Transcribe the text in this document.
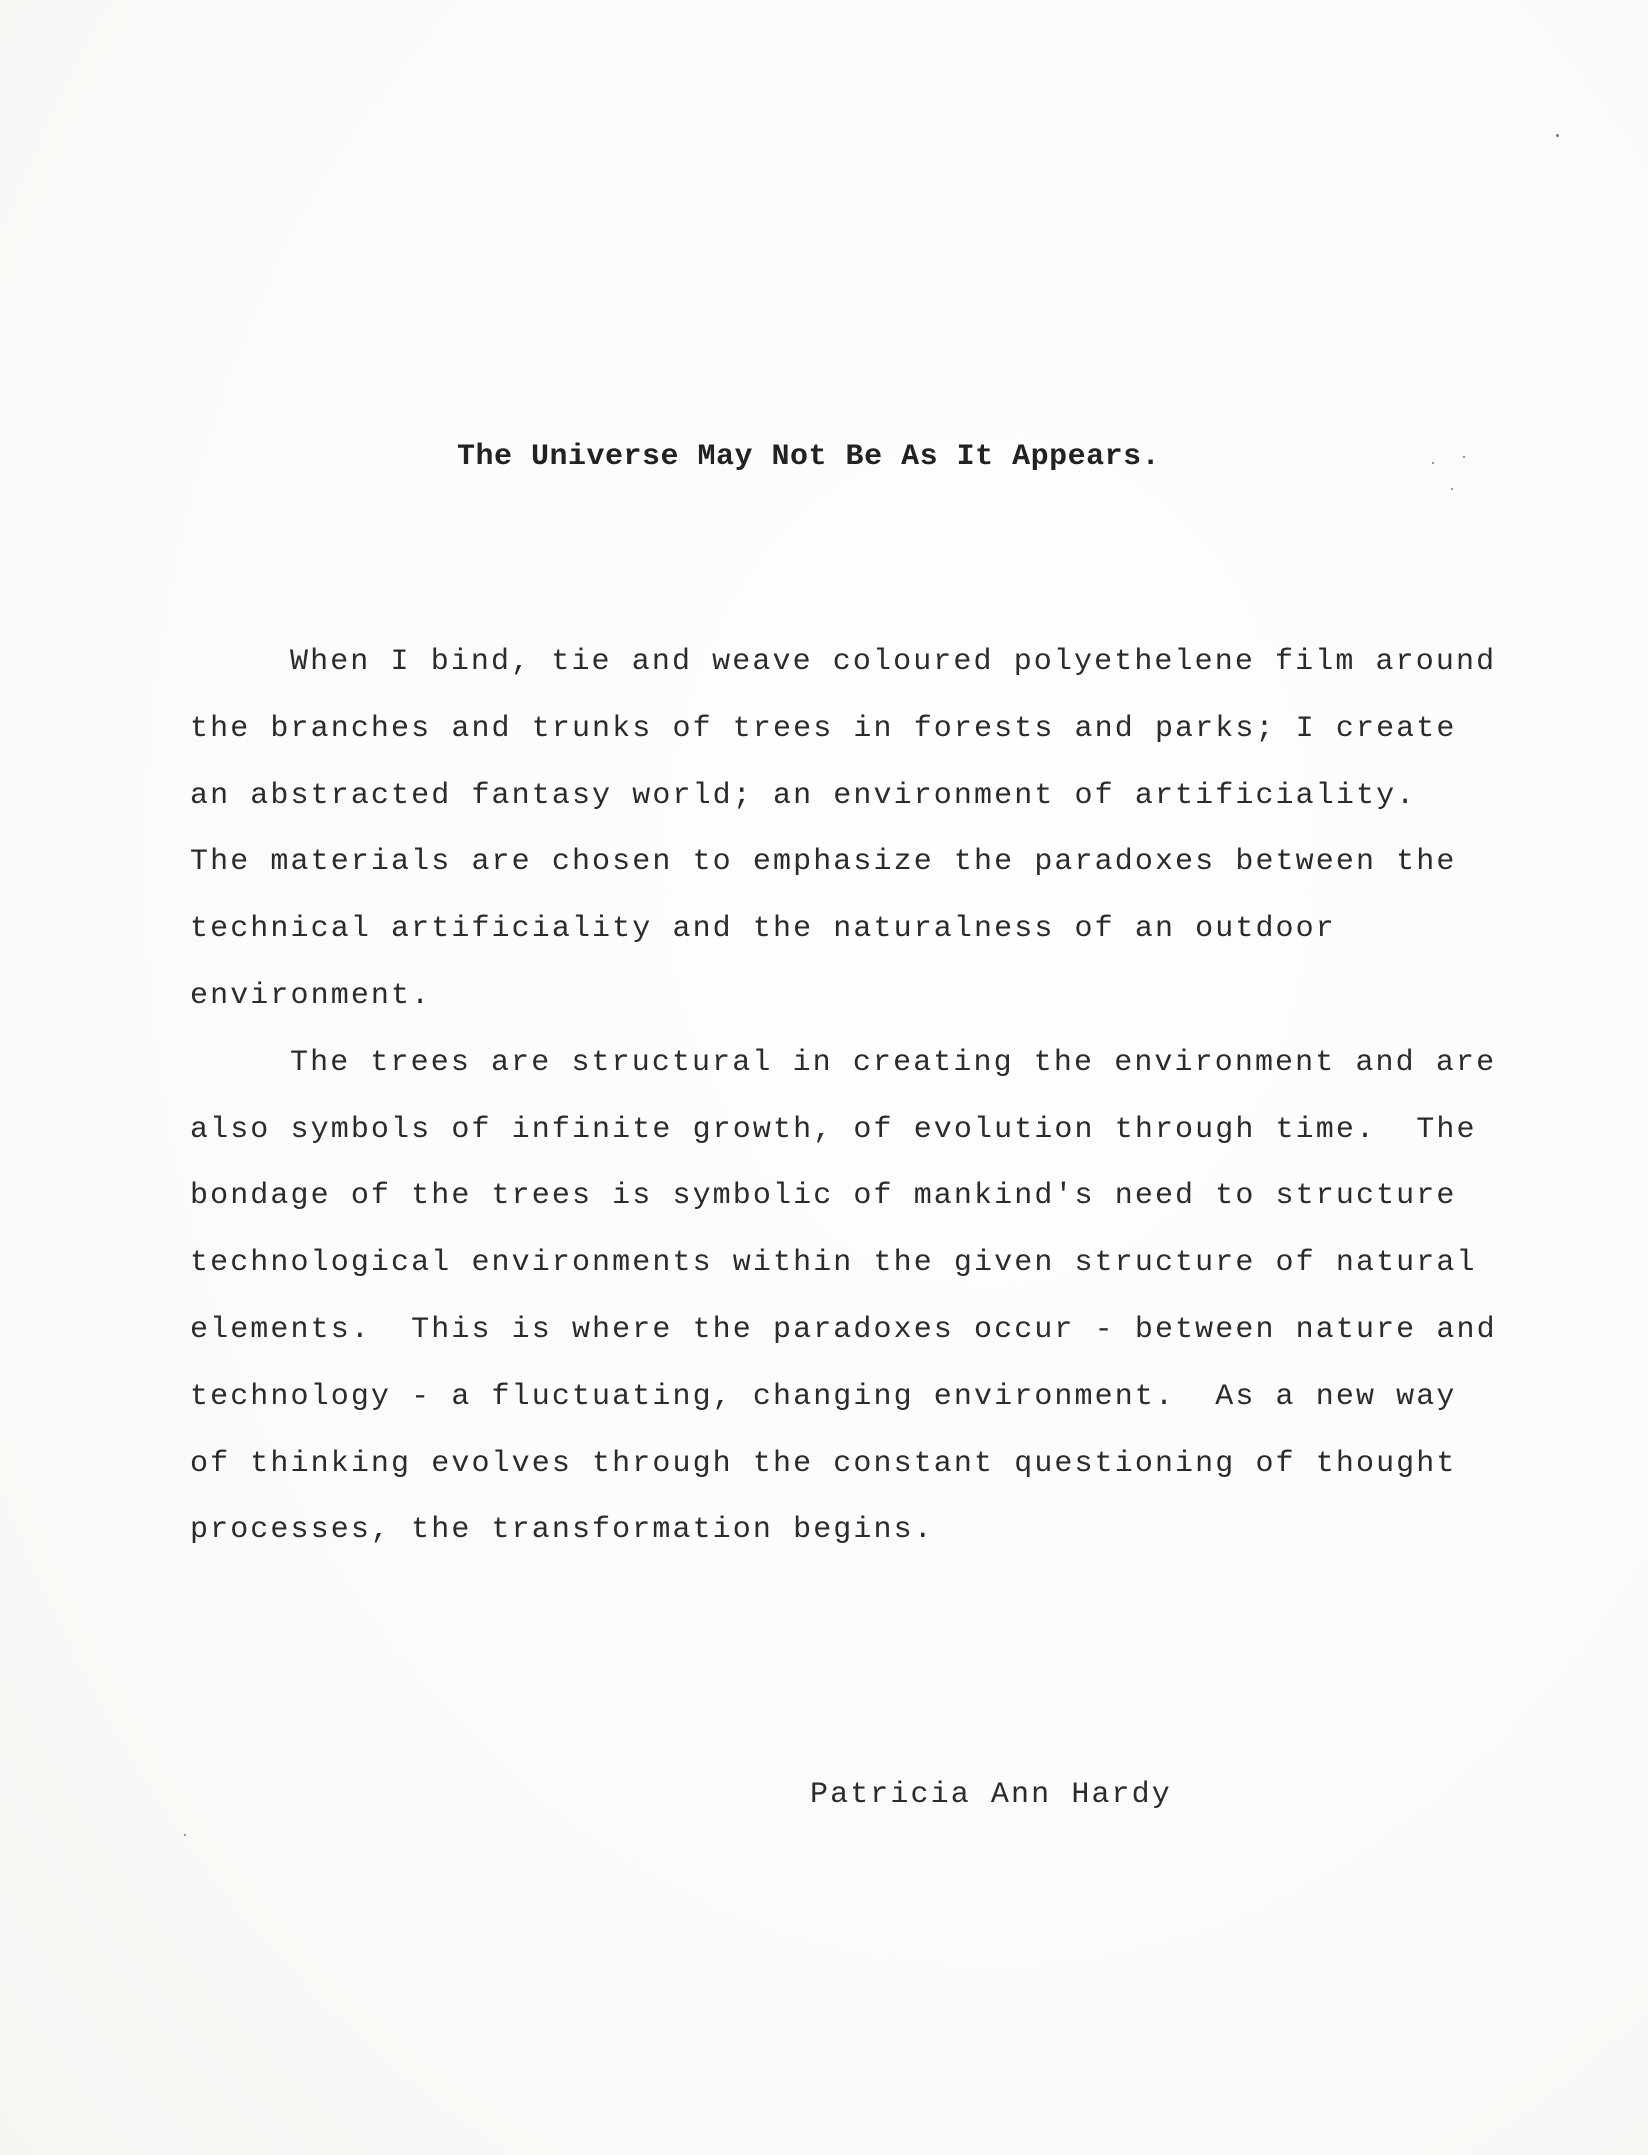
The Universe May Not Be As It Appears.
When I bind, tie and weave coloured polyethelene film around
the branches and trunks of trees in forests and parks; I create
an abstracted fantasy world; an environment of artificiality.
The materials are chosen to emphasize the paradoxes between the
technical artificiality and the naturalness of an outdoor
environment.
The trees are structural in creating the environment and are
also symbols of infinite growth, of evolution through time.  The
bondage of the trees is symbolic of mankind's need to structure
technological environments within the given structure of natural
elements.  This is where the paradoxes occur - between nature and
technology - a fluctuating, changing environment.  As a new way
of thinking evolves through the constant questioning of thought
processes, the transformation begins.
Patricia Ann Hardy
